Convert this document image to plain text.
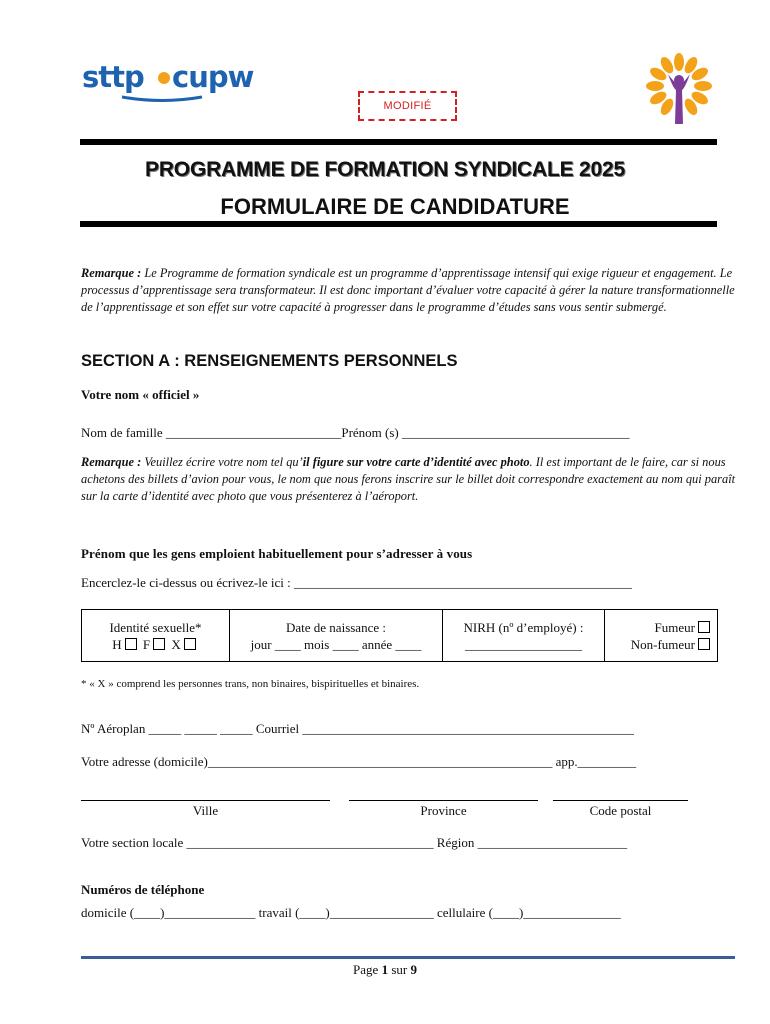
sttp cupw
MODIFIÉ
PROGRAMME DE FORMATION SYNDICALE 2025
FORMULAIRE DE CANDIDATURE
Remarque : Le Programme de formation syndicale est un programme d’apprentissage intensif qui exige rigueur et engagement. Le processus d’apprentissage sera transformateur. Il est donc important d’évaluer votre capacité à gérer la nature transformationnelle de l’apprentissage et son effet sur votre capacité à progresser dans le programme d’études sans vous sentir submergé.
SECTION A : RENSEIGNEMENTS PERSONNELS
Votre nom « officiel »
Nom de famille ___________________________Prénom (s) ___________________________________
Remarque : Veuillez écrire votre nom tel qu’il figure sur votre carte d’identité avec photo. Il est important de le faire, car si nous achetons des billets d’avion pour vous, le nom que nous ferons inscrire sur le billet doit correspondre exactement au nom qui paraît sur la carte d’identité avec photo que vous présenterez à l’aéroport.
Prénom que les gens emploient habituellement pour s’adresser à vous
Encerclez-le ci-dessus ou écrivez-le ici : ____________________________________________________
Identité sexuelle*
H F X
Date de naissance :
jour ____ mois ____ année ____
NIRH (nº d’employé) :
__________________
Fumeur
Non-fumeur
* « X » comprend les personnes trans, non binaires, bispirituelles et binaires.
Nº Aéroplan _____ _____ _____ Courriel ___________________________________________________
Votre adresse (domicile)_____________________________________________________ app._________
Ville	Province	Code postal
Votre section locale ______________________________________ Région _______________________
Numéros de téléphone
domicile (____)______________ travail (____)________________ cellulaire (____)_______________
Page 1 sur 9
